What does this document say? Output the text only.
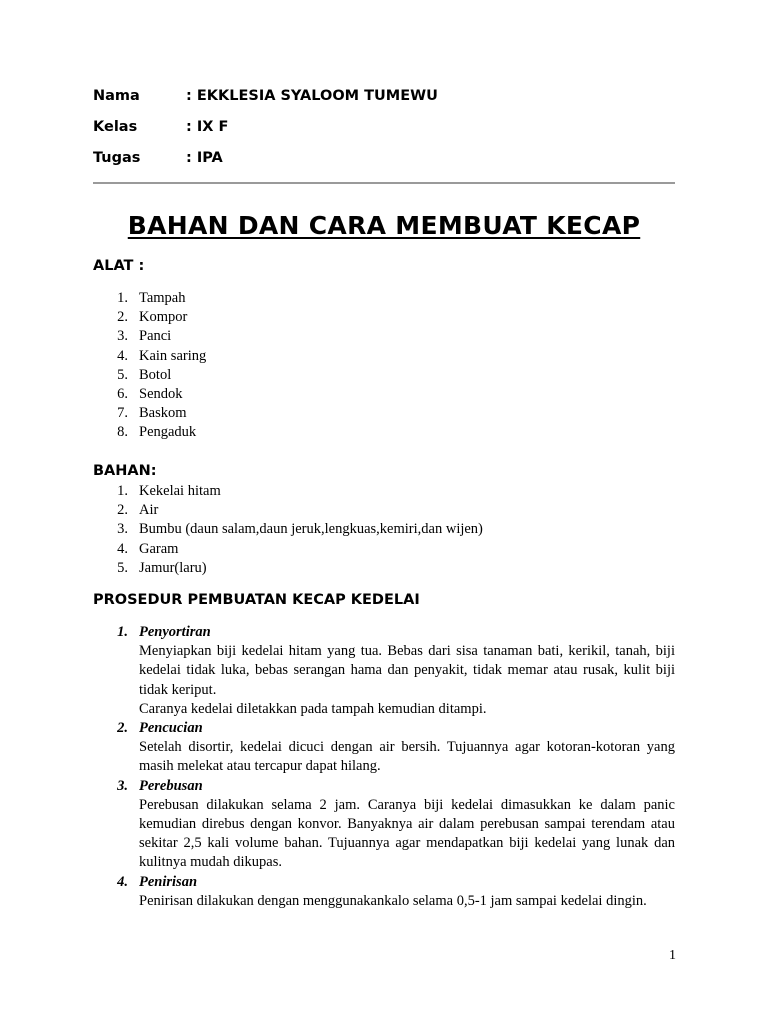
Nama	: EKKLESIA SYALOOM TUMEWU
Kelas	: IX F
Tugas	: IPA
BAHAN DAN CARA MEMBUAT KECAP
ALAT :
1. Tampah
2. Kompor
3. Panci
4. Kain saring
5. Botol
6. Sendok
7. Baskom
8. Pengaduk
BAHAN:
1. Kekelai hitam
2. Air
3. Bumbu (daun salam,daun jeruk,lengkuas,kemiri,dan wijen)
4. Garam
5. Jamur(laru)
PROSEDUR PEMBUATAN KECAP KEDELAI
1. Penyortiran

Menyiapkan biji kedelai hitam yang tua. Bebas dari sisa tanaman bati, kerikil, tanah, biji kedelai tidak luka, bebas serangan hama dan penyakit, tidak memar atau rusak, kulit biji tidak keriput.

Caranya kedelai diletakkan pada tampah kemudian ditampi.

2. Pencucian

Setelah disortir, kedelai dicuci dengan air bersih. Tujuannya agar kotoran-kotoran yang masih melekat atau tercapur dapat hilang.

3. Perebusan

Perebusan dilakukan selama 2 jam. Caranya biji kedelai dimasukkan ke dalam panic kemudian direbus dengan konvor. Banyaknya air dalam perebusan sampai terendam atau sekitar 2,5 kali volume bahan. Tujuannya agar mendapatkan biji kedelai yang lunak dan kulitnya mudah dikupas.

4. Penirisan

Penirisan dilakukan dengan menggunakankalo selama 0,5-1 jam sampai kedelai dingin.

1
